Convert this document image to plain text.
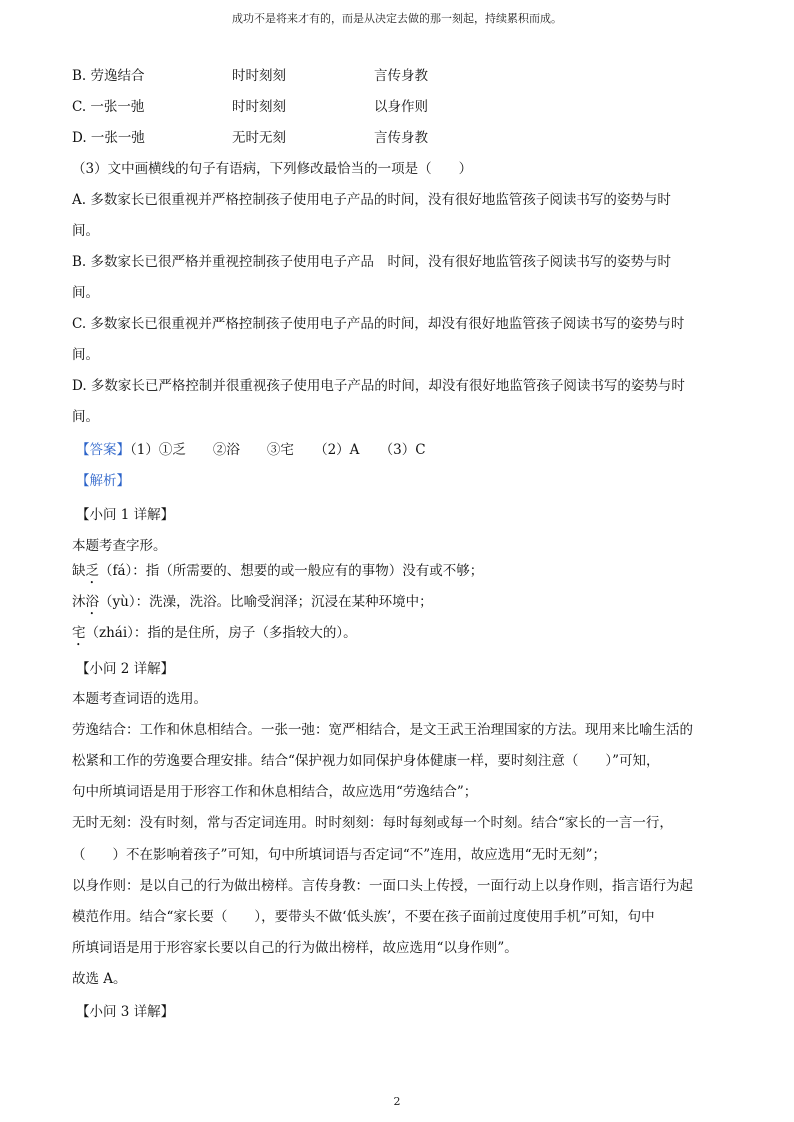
成功不是将来才有的，而是从决定去做的那一刻起，持续累积而成。
B. 劳逸结合	时时刻刻	言传身教
C. 一张一弛	时时刻刻	以身作则
D. 一张一弛	无时无刻	言传身教
（3）文中画横线的句子有语病，下列修改最恰当的一项是（　　）
A. 多数家长已很重视并严格控制孩子使用电子产品的时间，没有很好地监管孩子阅读书写的姿势与时
间。
B. 多数家长已很严格并重视控制孩子使用电子产品　时间，没有很好地监管孩子阅读书写的姿势与时
间。
C. 多数家长已很重视并严格控制孩子使用电子产品的时间，却没有很好地监管孩子阅读书写的姿势与时
间。
D. 多数家长已严格控制并很重视孩子使用电子产品的时间，却没有很好地监管孩子阅读书写的姿势与时
间。
【答案】（1）①乏　　②浴　　③宅　　（2）A　　（3）C
【解析】
【小问 1 详解】
本题考查字形。
缺乏（fá）：指（所需要的、想要的或一般应有的事物）没有或不够；
沐浴（yù）：洗澡，洗浴。比喻受润泽；沉浸在某种环境中；
宅（zhái）：指的是住所，房子（多指较大的）。
【小问 2 详解】
本题考查词语的选用。
劳逸结合：工作和休息相结合。一张一弛：宽严相结合，是文王武王治理国家的方法。现用来比喻生活的
松紧和工作的劳逸要合理安排。结合“保护视力如同保护身体健康一样，要时刻注意（　　）”可知，
句中所填词语是用于形容工作和休息相结合，故应选用“劳逸结合”；
无时无刻：没有时刻，常与否定词连用。时时刻刻：每时每刻或每一个时刻。结合“家长的一言一行，
（　　）不在影响着孩子”可知，句中所填词语与否定词“不”连用，故应选用“无时无刻”；
以身作则：是以自己的行为做出榜样。言传身教：一面口头上传授，一面行动上以身作则，指言语行为起
模范作用。结合“家长要（　　），要带头不做‘低头族’，不要在孩子面前过度使用手机”可知，句中
所填词语是用于形容家长要以自己的行为做出榜样，故应选用“以身作则”。
故选 A。
【小问 3 详解】
2
